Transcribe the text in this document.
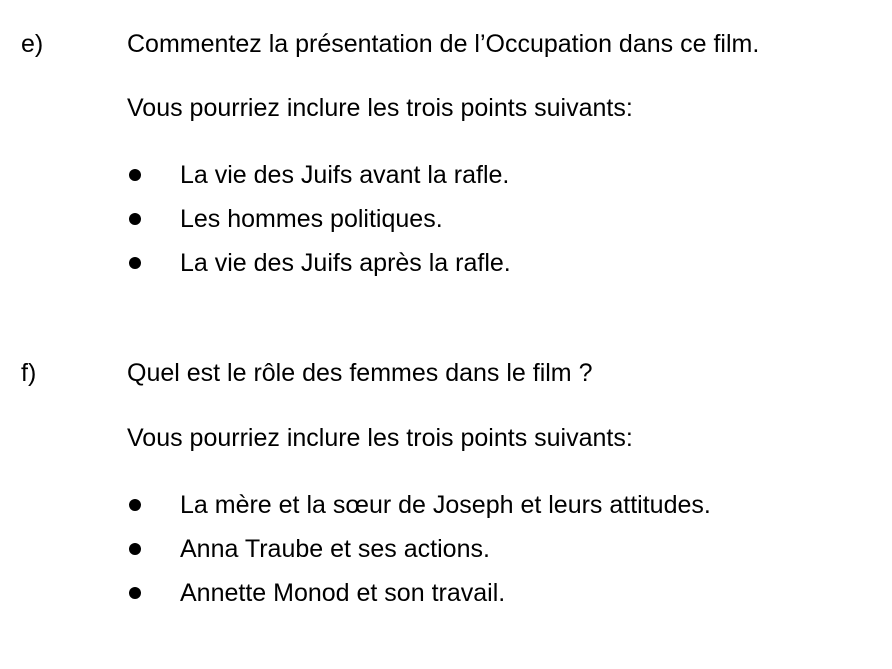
e)	Commentez la présentation de l’Occupation dans ce film.
Vous pourriez inclure les trois points suivants:
La vie des Juifs avant la rafle.
Les hommes politiques.
La vie des Juifs après la rafle.
f)	Quel est le rôle des femmes dans le film ?
Vous pourriez inclure les trois points suivants:
La mère et la sœur de Joseph et leurs attitudes.
Anna Traube et ses actions.
Annette Monod et son travail.
